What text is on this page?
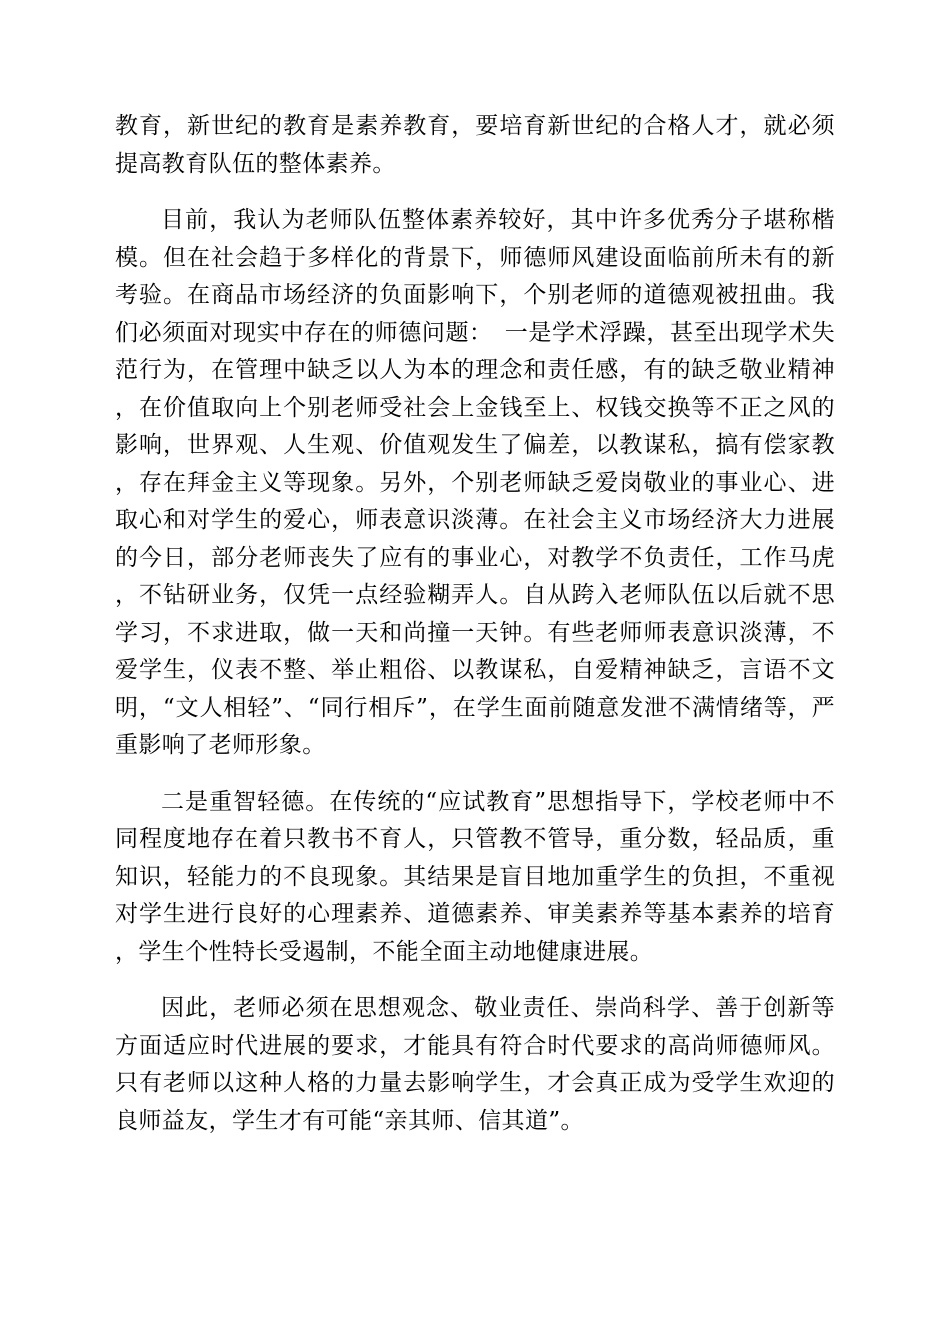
教育，新世纪的教育是素养教育，要培育新世纪的合格人才，就必须提高教育队伍的整体素养。

目前，我认为老师队伍整体素养较好，其中许多优秀分子堪称楷模。但在社会趋于多样化的背景下，师德师风建设面临前所未有的新考验。在商品市场经济的负面影响下，个别老师的道德观被扭曲。我们必须面对现实中存在的师德问题：　一是学术浮躁，甚至出现学术失范行为，在管理中缺乏以人为本的理念和责任感，有的缺乏敬业精神，在价值取向上个别老师受社会上金钱至上、权钱交换等不正之风的影响，世界观、人生观、价值观发生了偏差，以教谋私，搞有偿家教，存在拜金主义等现象。另外，个别老师缺乏爱岗敬业的事业心、进取心和对学生的爱心，师表意识淡薄。在社会主义市场经济大力进展的今日，部分老师丧失了应有的事业心，对教学不负责任，工作马虎，不钻研业务，仅凭一点经验糊弄人。自从跨入老师队伍以后就不思学习，不求进取，做一天和尚撞一天钟。有些老师师表意识淡薄，不爱学生，仪表不整、举止粗俗、以教谋私，自爱精神缺乏，言语不文明，“文人相轻”、“同行相斥”，在学生面前随意发泄不满情绪等，严重影响了老师形象。

二是重智轻德。在传统的“应试教育”思想指导下，学校老师中不同程度地存在着只教书不育人，只管教不管导，重分数，轻品质，重知识，轻能力的不良现象。其结果是盲目地加重学生的负担，不重视对学生进行良好的心理素养、道德素养、审美素养等基本素养的培育，学生个性特长受遏制，不能全面主动地健康进展。

因此，老师必须在思想观念、敬业责任、崇尚科学、善于创新等方面适应时代进展的要求，才能具有符合时代要求的高尚师德师风。只有老师以这种人格的力量去影响学生，才会真正成为受学生欢迎的良师益友，学生才有可能“亲其师、信其道”。
